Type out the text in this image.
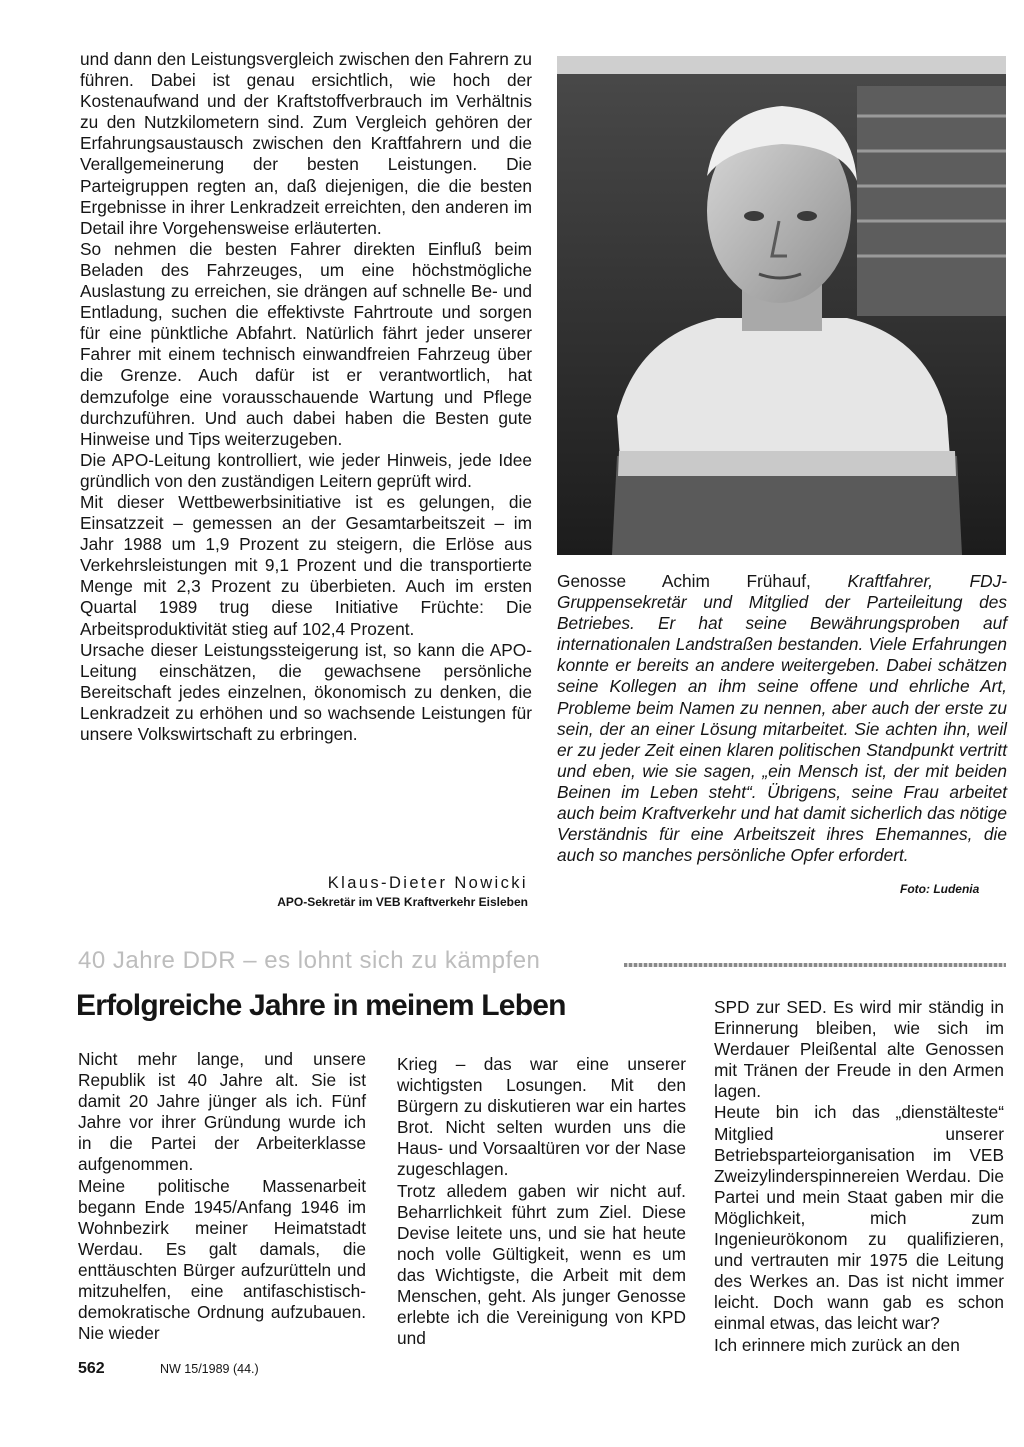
und dann den Leistungsvergleich zwischen den Fahrern zu führen. Dabei ist genau ersichtlich, wie hoch der Kostenaufwand und der Kraftstoffverbrauch im Verhältnis zu den Nutzkilometern sind. Zum Vergleich gehören der Erfahrungsaustausch zwischen den Kraftfahrern und die Verallgemeinerung der besten Leistungen. Die Parteigruppen regten an, daß diejenigen, die die besten Ergebnisse in ihrer Lenkradzeit erreichten, den anderen im Detail ihre Vorgehensweise erläuterten.

So nehmen die besten Fahrer direkten Einfluß beim Beladen des Fahrzeuges, um eine höchstmögliche Auslastung zu erreichen, sie drängen auf schnelle Be- und Entladung, suchen die effektivste Fahrtroute und sorgen für eine pünktliche Abfahrt. Natürlich fährt jeder unserer Fahrer mit einem technisch einwandfreien Fahrzeug über die Grenze. Auch dafür ist er verantwortlich, hat demzufolge eine vorausschauende Wartung und Pflege durchzuführen. Und auch dabei haben die Besten gute Hinweise und Tips weiterzugeben.

Die APO-Leitung kontrolliert, wie jeder Hinweis, jede Idee gründlich von den zuständigen Leitern geprüft wird.

Mit dieser Wettbewerbsinitiative ist es gelungen, die Einsatzzeit – gemessen an der Gesamtarbeitszeit – im Jahr 1988 um 1,9 Prozent zu steigern, die Erlöse aus Verkehrsleistungen mit 9,1 Prozent und die transportierte Menge mit 2,3 Prozent zu überbieten. Auch im ersten Quartal 1989 trug diese Initiative Früchte: Die Arbeitsproduktivität stieg auf 102,4 Prozent.

Ursache dieser Leistungssteigerung ist, so kann die APO-Leitung einschätzen, die gewachsene persönliche Bereitschaft jedes einzelnen, ökonomisch zu denken, die Lenkradzeit zu erhöhen und so wachsende Leistungen für unsere Volkswirtschaft zu erbringen.

Klaus-Dieter Nowicki
APO-Sekretär im VEB Kraftverkehr Eisleben
Genosse Achim Frühauf, Kraftfahrer, FDJ-Gruppensekretär und Mitglied der Parteileitung des Betriebes. Er hat seine Bewährungsproben auf internationalen Landstraßen bestanden. Viele Erfahrungen konnte er bereits an andere weitergeben. Dabei schätzen seine Kollegen an ihm seine offene und ehrliche Art, Probleme beim Namen zu nennen, aber auch der erste zu sein, der an einer Lösung mitarbeitet. Sie achten ihn, weil er zu jeder Zeit einen klaren politischen Standpunkt vertritt und eben, wie sie sagen, „ein Mensch ist, der mit beiden Beinen im Leben steht“. Übrigens, seine Frau arbeitet auch beim Kraftverkehr und hat damit sicherlich das nötige Verständnis für eine Arbeitszeit ihres Ehemannes, die auch so manches persönliche Opfer erfordert.
Foto: Ludenia
40 Jahre DDR – es lohnt sich zu kämpfen
Erfolgreiche Jahre in meinem Leben

Nicht mehr lange, und unsere Republik ist 40 Jahre alt. Sie ist damit 20 Jahre jünger als ich. Fünf Jahre vor ihrer Gründung wurde ich in die Partei der Arbeiterklasse aufgenommen.

Meine politische Massenarbeit begann Ende 1945/Anfang 1946 im Wohnbezirk meiner Heimatstadt Werdau. Es galt damals, die enttäuschten Bürger aufzurütteln und mitzuhelfen, eine antifaschistisch-demokratische Ordnung aufzubauen. Nie wieder

Krieg – das war eine unserer wichtigsten Losungen. Mit den Bürgern zu diskutieren war ein hartes Brot. Nicht selten wurden uns die Haus- und Vorsaaltüren vor der Nase zugeschlagen.

Trotz alledem gaben wir nicht auf. Beharrlichkeit führt zum Ziel. Diese Devise leitete uns, und sie hat heute noch volle Gültigkeit, wenn es um das Wichtigste, die Arbeit mit dem Menschen, geht. Als junger Genosse erlebte ich die Vereinigung von KPD und

SPD zur SED. Es wird mir ständig in Erinnerung bleiben, wie sich im Werdauer Pleißental alte Genossen mit Tränen der Freude in den Armen lagen.

Heute bin ich das „dienstälteste“ Mitglied unserer Betriebsparteiorganisation im VEB Zweizylinderspinnereien Werdau. Die Partei und mein Staat gaben mir die Möglichkeit, mich zum Ingenieurökonom zu qualifizieren, und vertrauten mir 1975 die Leitung des Werkes an. Das ist nicht immer leicht. Doch wann gab es schon einmal etwas, das leicht war?

Ich erinnere mich zurück an den

562	NW 15/1989 (44.)
